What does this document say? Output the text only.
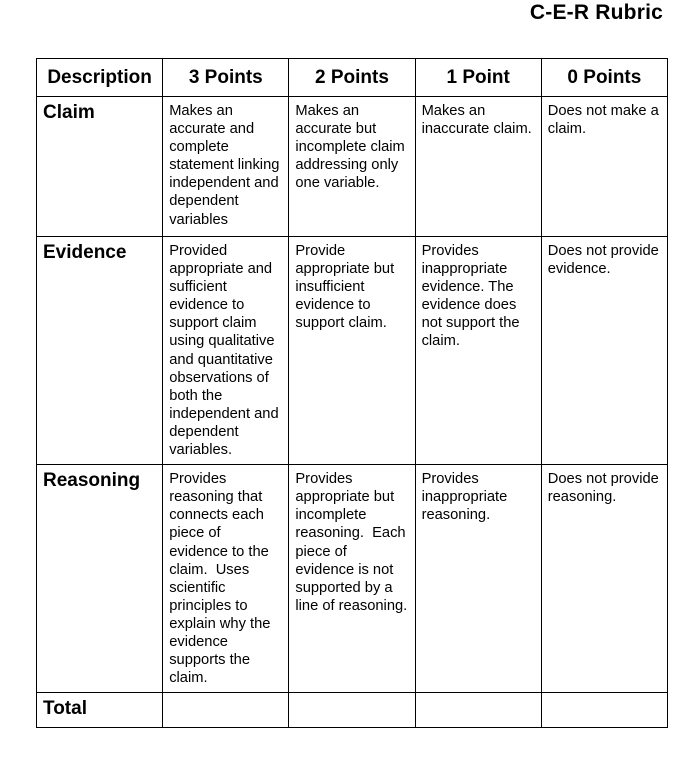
C-E-R Rubric
Description	3 Points	2 Points	1 Point	0 Points
Claim	Makes an accurate and complete statement linking independent and dependent variables	Makes an accurate but incomplete claim addressing only one variable.	Makes an inaccurate claim.	Does not make a claim.
Evidence	Provided appropriate and sufficient evidence to support claim using qualitative and quantitative observations of both the independent and dependent variables.	Provide appropriate but insufficient evidence to support claim.	Provides inappropriate evidence. The evidence does not support the claim.	Does not provide evidence.
Reasoning	Provides reasoning that connects each piece of evidence to the claim.  Uses scientific principles to explain why the evidence supports the claim.	Provides appropriate but incomplete reasoning.  Each piece of evidence is not supported by a line of reasoning.	Provides inappropriate reasoning.	Does not provide reasoning.
Total				
